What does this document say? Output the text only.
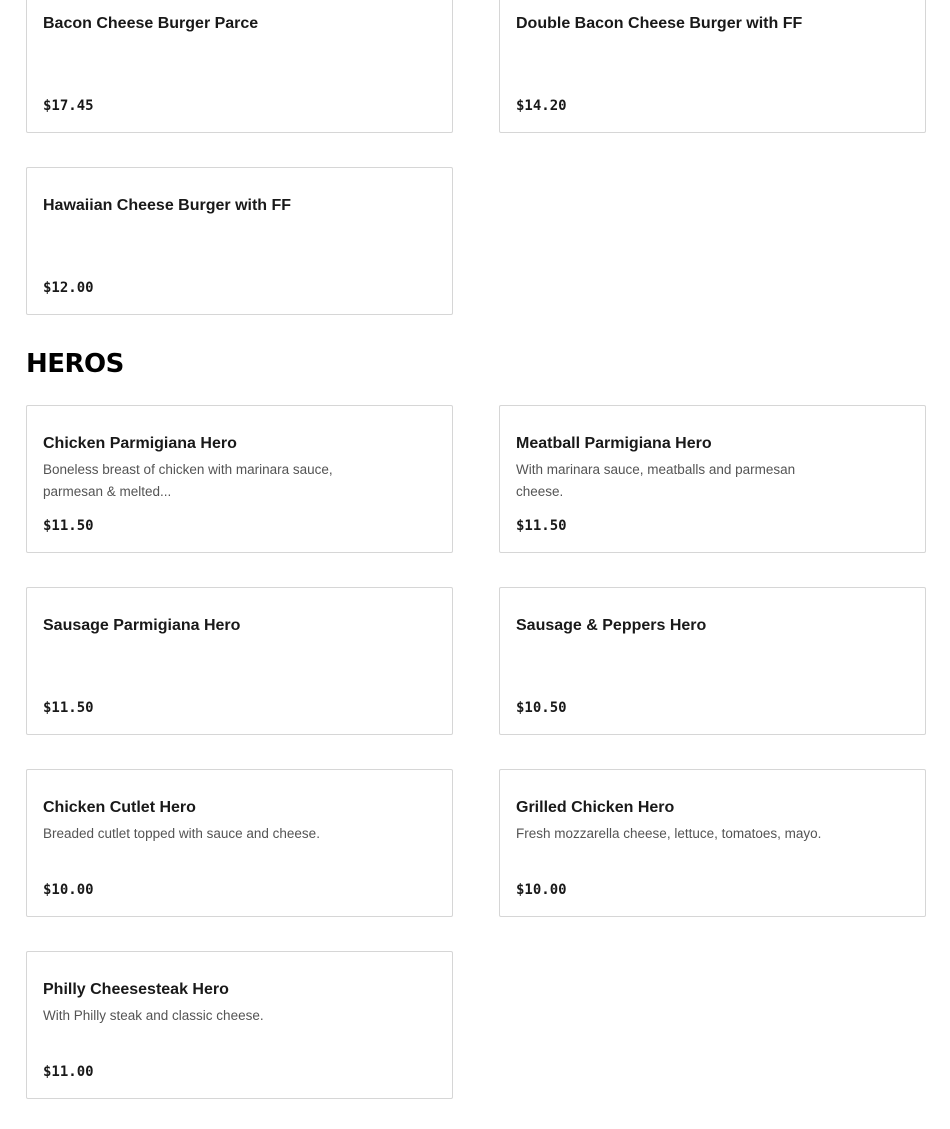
Bacon Cheese Burger Parce
$17.45
Double Bacon Cheese Burger with FF
$14.20
Hawaiian Cheese Burger with FF
$12.00
HEROS
Chicken Parmigiana Hero
Boneless breast of chicken with marinara sauce, parmesan & melted...
$11.50
Meatball Parmigiana Hero
With marinara sauce, meatballs and parmesan cheese.
$11.50
Sausage Parmigiana Hero
$11.50
Sausage & Peppers Hero
$10.50
Chicken Cutlet Hero
Breaded cutlet topped with sauce and cheese.
$10.00
Grilled Chicken Hero
Fresh mozzarella cheese, lettuce, tomatoes, mayo.
$10.00
Philly Cheesesteak Hero
With Philly steak and classic cheese.
$11.00
